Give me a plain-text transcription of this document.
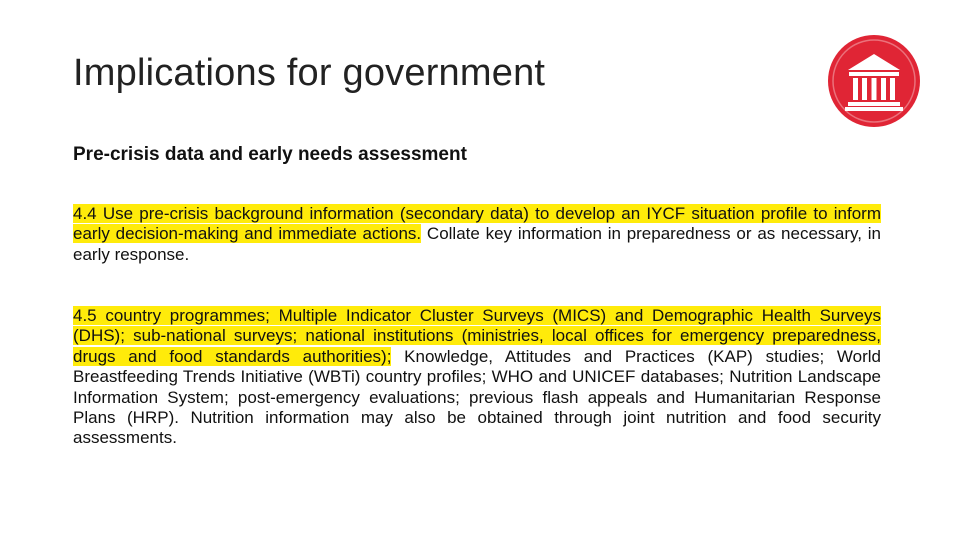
Implications for government

Pre-crisis data and early needs assessment

4.4 Use pre-crisis background information (secondary data) to develop an IYCF situation profile to inform early decision-making and immediate actions. Collate key information in preparedness or as necessary, in early response.

4.5 country programmes; Multiple Indicator Cluster Surveys (MICS) and Demographic Health Surveys (DHS); sub-national surveys; national institutions (ministries, local offices for emergency preparedness, drugs and food standards authorities); Knowledge, Attitudes and Practices (KAP) studies; World Breastfeeding Trends Initiative (WBTi) country profiles; WHO and UNICEF databases; Nutrition Landscape Information System; post-emergency evaluations; previous flash appeals and Humanitarian Response Plans (HRP). Nutrition information may also be obtained through joint nutrition and food security assessments.
